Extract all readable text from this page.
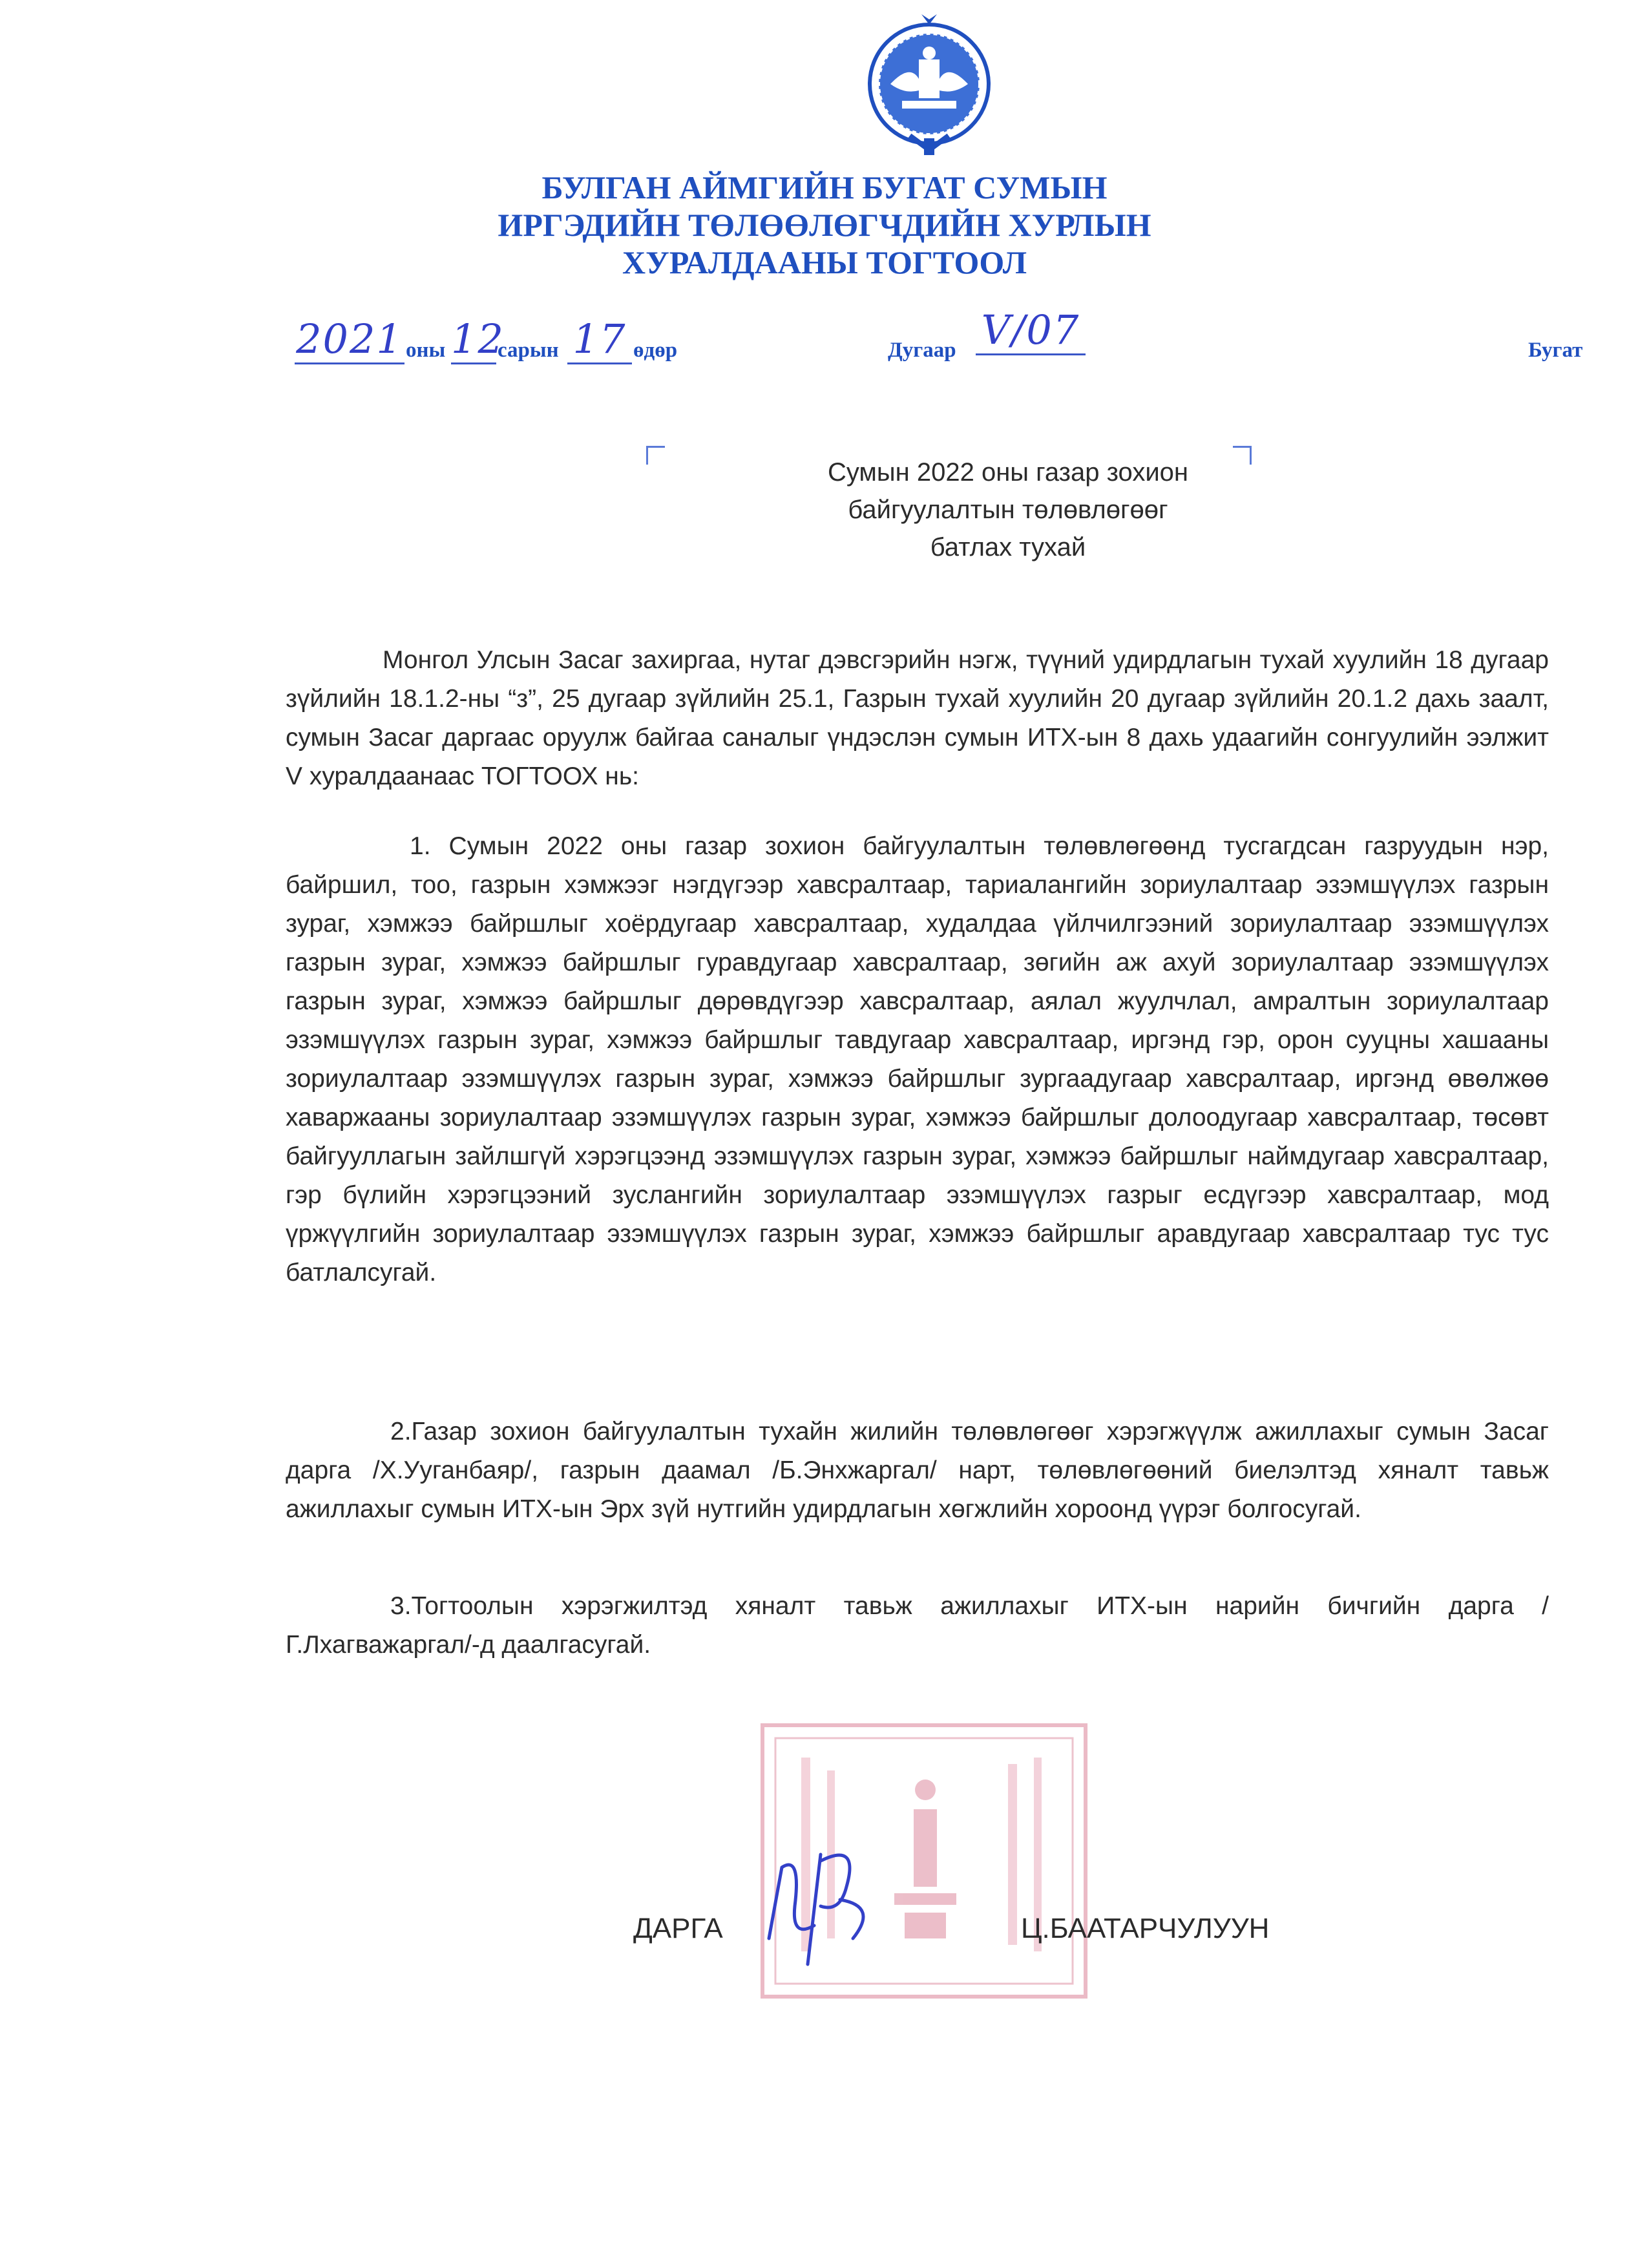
БУЛГАН АЙМГИЙН БУГАТ СУМЫН
ИРГЭДИЙН ТӨЛӨӨЛӨГЧДИЙН ХУРЛЫН
ХУРАЛДААНЫ ТОГТООЛ
2021 оны 12
сарын 17 өдөр	Дугаар V/07	Бугат
Сумын 2022 оны газар зохион
байгуулалтын төлөвлөгөөг
батлах тухай
Монгол Улсын Засаг захиргаа, нутаг дэвсгэрийн нэгж, түүний удирдлагын тухай хуулийн 18 дугаар зүйлийн 18.1.2-ны “з”, 25 дугаар зүйлийн 25.1, Газрын тухай хуулийн 20 дугаар зүйлийн 20.1.2 дахь заалт, сумын Засаг даргаас оруулж байгаа саналыг үндэслэн сумын ИТХ-ын 8 дахь удаагийн сонгуулийн ээлжит V хуралдаанаас ТОГТООХ нь:
1. Сумын 2022 оны газар зохион байгуулалтын төлөвлөгөөнд тусгагдсан газруудын нэр, байршил, тоо, газрын хэмжээг нэгдүгээр хавсралтаар, тариалангийн зориулалтаар эзэмшүүлэх газрын зураг, хэмжээ байршлыг хоёрдугаар хавсралтаар, худалдаа үйлчилгээний зориулалтаар эзэмшүүлэх газрын зураг, хэмжээ байршлыг гуравдугаар хавсралтаар, зөгийн аж ахуй зориулалтаар эзэмшүүлэх газрын зураг, хэмжээ байршлыг дөрөвдүгээр хавсралтаар, аялал жуулчлал, амралтын зориулалтаар эзэмшүүлэх газрын зураг, хэмжээ байршлыг тавдугаар хавсралтаар, иргэнд гэр, орон сууцны хашааны зориулалтаар эзэмшүүлэх газрын зураг, хэмжээ байршлыг зургаадугаар хавсралтаар, иргэнд өвөлжөө хаваржааны зориулалтаар эзэмшүүлэх газрын зураг, хэмжээ байршлыг долоодугаар хавсралтаар, төсөвт байгууллагын зайлшгүй хэрэгцээнд эзэмшүүлэх газрын зураг, хэмжээ байршлыг наймдугаар хавсралтаар, гэр бүлийн хэрэгцээний зуслангийн зориулалтаар эзэмшүүлэх газрыг есдүгээр хавсралтаар, мод үржүүлгийн зориулалтаар эзэмшүүлэх газрын зураг, хэмжээ байршлыг аравдугаар хавсралтаар тус тус батлалсугай.
2.Газар зохион байгуулалтын тухайн жилийн төлөвлөгөөг хэрэгжүүлж ажиллахыг сумын Засаг дарга /Х.Ууганбаяр/, газрын даамал /Б.Энхжаргал/ нарт, төлөвлөгөөний биелэлтэд хяналт тавьж ажиллахыг сумын ИТХ-ын Эрх зүй нутгийн удирдлагын хөгжлийн хороонд үүрэг болгосугай.
3.Тогтоолын хэрэгжилтэд хяналт тавьж ажиллахыг ИТХ-ын нарийн бичгийн дарга /Г.Лхагважаргал/-д даалгасугай.
ДАРГА	Ц.БААТАРЧУЛУУН
